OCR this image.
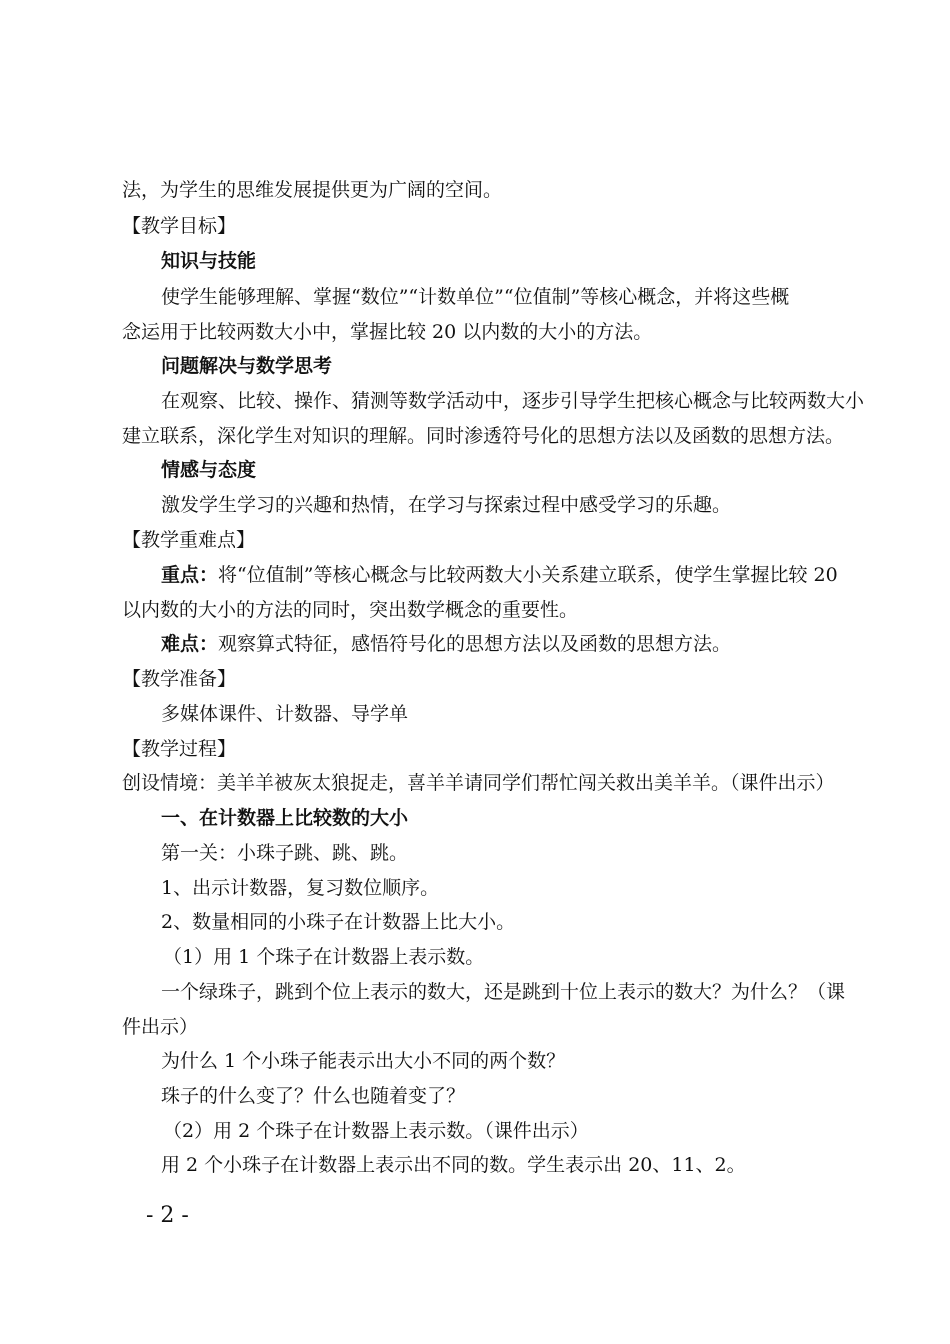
法，为学生的思维发展提供更为广阔的空间。
【教学目标】
知识与技能
使学生能够理解、掌握“数位”“计数单位”“位值制”等核心概念，并将这些概
念运用于比较两数大小中，掌握比较 20 以内数的大小的方法。
问题解决与数学思考
在观察、比较、操作、猜测等数学活动中，逐步引导学生把核心概念与比较两数大小
建立联系，深化学生对知识的理解。同时渗透符号化的思想方法以及函数的思想方法。
情感与态度
激发学生学习的兴趣和热情，在学习与探索过程中感受学习的乐趣。
【教学重难点】
重点：将“位值制”等核心概念与比较两数大小关系建立联系，使学生掌握比较 20
以内数的大小的方法的同时，突出数学概念的重要性。
难点：观察算式特征，感悟符号化的思想方法以及函数的思想方法。
【教学准备】
多媒体课件、计数器、导学单
【教学过程】
创设情境：美羊羊被灰太狼捉走，喜羊羊请同学们帮忙闯关救出美羊羊。（课件出示）
一、在计数器上比较数的大小
第一关：小珠子跳、跳、跳。
1、出示计数器，复习数位顺序。
2、数量相同的小珠子在计数器上比大小。
（1）用 1 个珠子在计数器上表示数。
一个绿珠子，跳到个位上表示的数大，还是跳到十位上表示的数大？为什么？（课
件出示）
为什么 1 个小珠子能表示出大小不同的两个数？
珠子的什么变了？什么也随着变了？
（2）用 2 个珠子在计数器上表示数。（课件出示）
用 2 个小珠子在计数器上表示出不同的数。学生表示出 20、11、2。
- 2 -
